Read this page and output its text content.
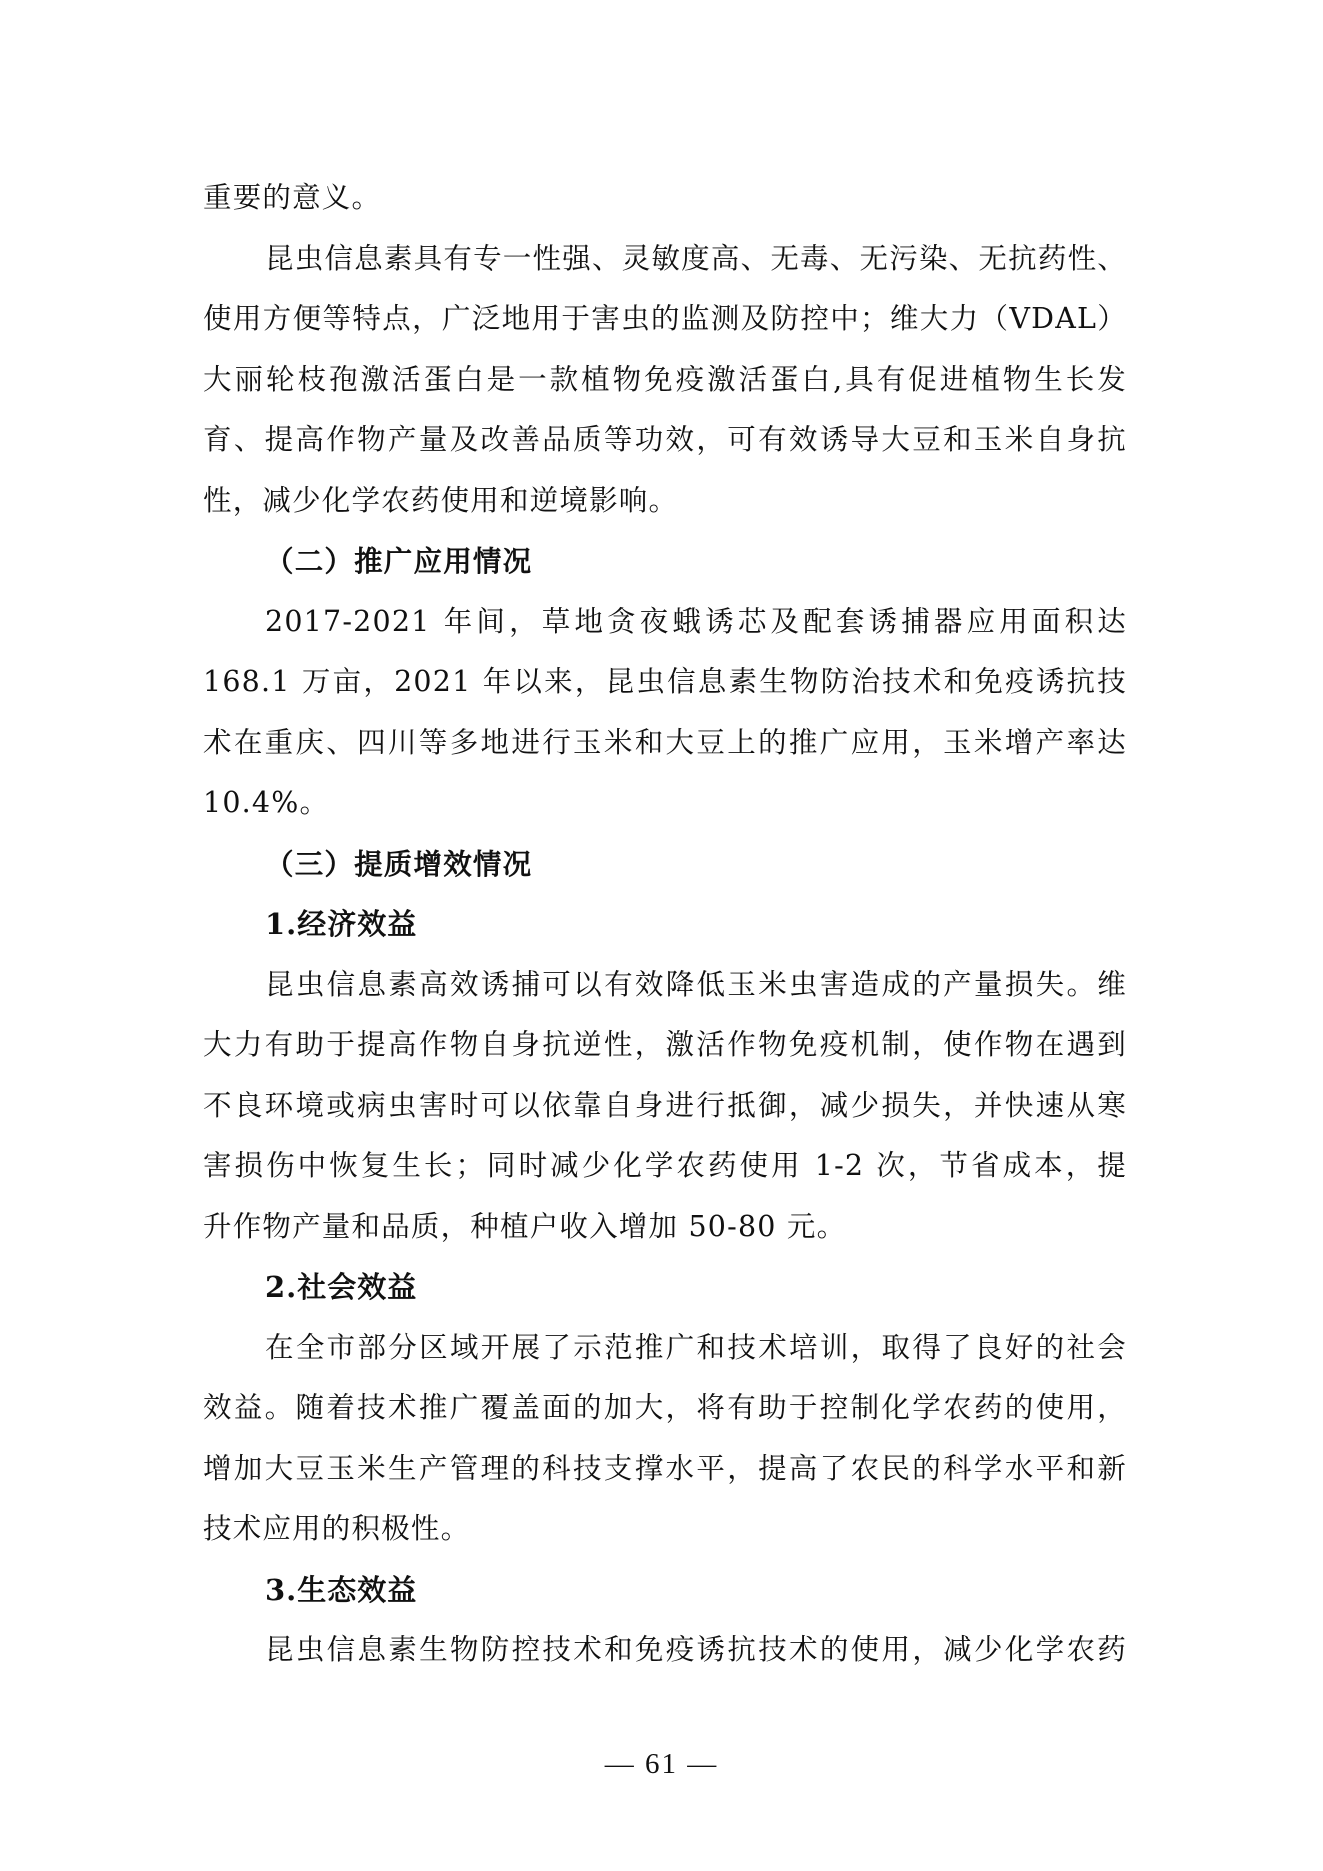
重要的意义。

昆虫信息素具有专一性强、灵敏度高、无毒、无污染、无抗药性、
使用方便等特点，广泛地用于害虫的监测及防控中；维大力（VDAL）
大丽轮枝孢激活蛋白是一款植物免疫激活蛋白,具有促进植物生长发
育、提高作物产量及改善品质等功效，可有效诱导大豆和玉米自身抗
性，减少化学农药使用和逆境影响。

（二）推广应用情况

2017-2021 年间，草地贪夜蛾诱芯及配套诱捕器应用面积达
168.1 万亩，2021 年以来，昆虫信息素生物防治技术和免疫诱抗技
术在重庆、四川等多地进行玉米和大豆上的推广应用，玉米增产率达
10.4%。

（三）提质增效情况
1.经济效益

昆虫信息素高效诱捕可以有效降低玉米虫害造成的产量损失。维
大力有助于提高作物自身抗逆性，激活作物免疫机制，使作物在遇到
不良环境或病虫害时可以依靠自身进行抵御，减少损失，并快速从寒
害损伤中恢复生长；同时减少化学农药使用 1-2 次，节省成本，提
升作物产量和品质，种植户收入增加 50-80 元。

2.社会效益

在全市部分区域开展了示范推广和技术培训，取得了良好的社会
效益。随着技术推广覆盖面的加大，将有助于控制化学农药的使用，
增加大豆玉米生产管理的科技支撑水平，提高了农民的科学水平和新
技术应用的积极性。

3.生态效益

昆虫信息素生物防控技术和免疫诱抗技术的使用，减少化学农药

— 61 —
